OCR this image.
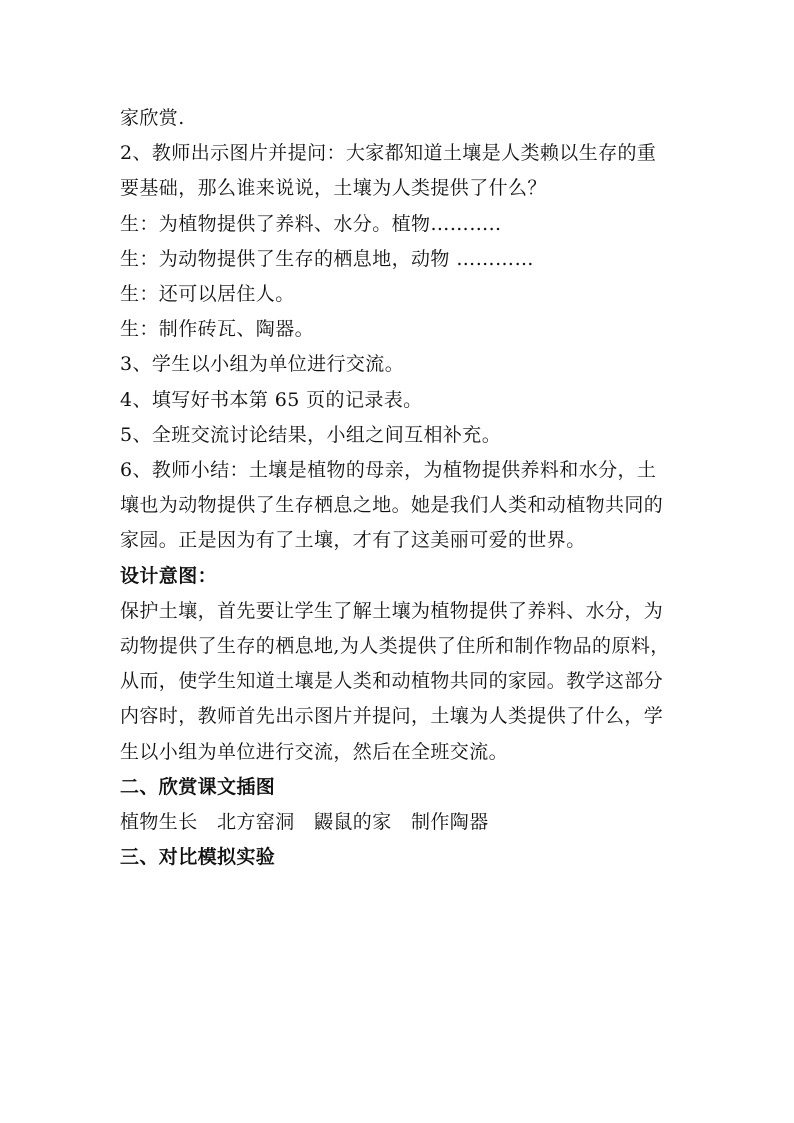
家欣赏.
2、教师出示图片并提问：大家都知道土壤是人类赖以生存的重
要基础，那么谁来说说，土壤为人类提供了什么？
生：为植物提供了养料、水分。植物………..
生：为动物提供了生存的栖息地，动物 …………
生：还可以居住人。
生：制作砖瓦、陶器。
3、学生以小组为单位进行交流。
4、填写好书本第 65 页的记录表。
5、全班交流讨论结果，小组之间互相补充。
6、教师小结：土壤是植物的母亲，为植物提供养料和水分，土
壤也为动物提供了生存栖息之地。她是我们人类和动植物共同的
家园。正是因为有了土壤，才有了这美丽可爱的世界。
设计意图：
保护土壤，首先要让学生了解土壤为植物提供了养料、水分，为
动物提供了生存的栖息地,为人类提供了住所和制作物品的原料，
从而，使学生知道土壤是人类和动植物共同的家园。教学这部分
内容时，教师首先出示图片并提问，土壤为人类提供了什么，学
生以小组为单位进行交流，然后在全班交流。
二、欣赏课文插图
植物生长　北方窑洞　鼹鼠的家　制作陶器
三、对比模拟实验
